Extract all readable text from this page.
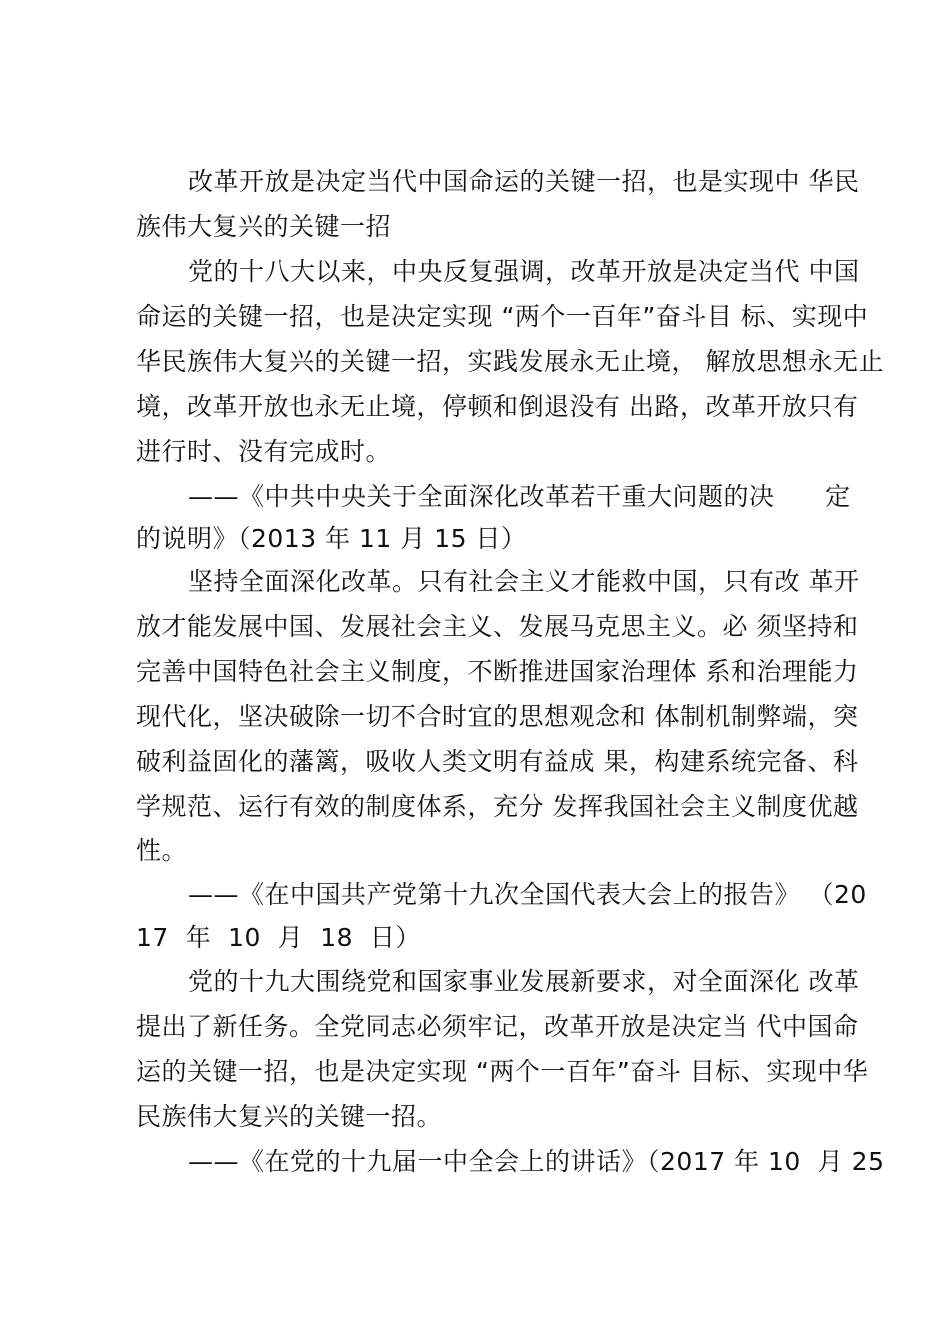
改革开放是决定当代中国命运的关键一招，也是实现中 华民
族伟大复兴的关键一招
党的十八大以来，中央反复强调，改革开放是决定当代 中国
命运的关键一招，也是决定实现 “两个一百年”奋斗目 标、实现中
华民族伟大复兴的关键一招，实践发展永无止境， 解放思想永无止
境，改革开放也永无止境，停顿和倒退没有 出路，改革开放只有
进行时、没有完成时。
——《中共中央关于全面深化改革若干重大问题的决      定
的说明》（2013 年 11 月 15 日）
坚持全面深化改革。只有社会主义才能救中国，只有改 革开
放才能发展中国、发展社会主义、发展马克思主义。必 须坚持和
完善中国特色社会主义制度，不断推进国家治理体 系和治理能力
现代化，坚决破除一切不合时宜的思想观念和 体制机制弊端，突
破利益固化的藩篱，吸收人类文明有益成 果，构建系统完备、科
学规范、运行有效的制度体系，充分 发挥我国社会主义制度优越
性。
——《在中国共产党第十九次全国代表大会上的报告》 （20
17  年  10  月  18  日）
党的十九大围绕党和国家事业发展新要求，对全面深化 改革
提出了新任务。全党同志必须牢记，改革开放是决定当 代中国命
运的关键一招，也是决定实现 “两个一百年”奋斗 目标、实现中华
民族伟大复兴的关键一招。
——《在党的十九届一中全会上的讲话》（2017 年 10  月 25
